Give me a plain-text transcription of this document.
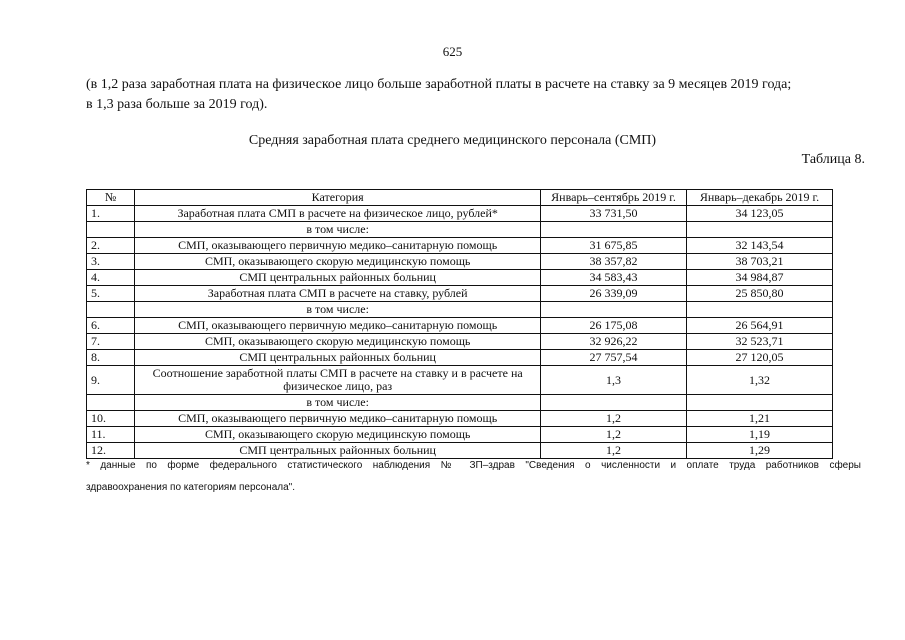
625
(в 1,2 раза заработная плата на физическое лицо больше заработной платы в расчете на ставку за 9 месяцев 2019 года;
в 1,3 раза больше за 2019 год).
Средняя заработная плата среднего медицинского персонала (СМП)
Таблица 8.
№	Категория	Январь–сентябрь 2019 г.	Январь–декабрь 2019 г.
1.	Заработная плата СМП в расчете на физическое лицо, рублей*	33 731,50	34 123,05
	в том числе:		
2.	СМП, оказывающего первичную медико–санитарную помощь	31 675,85	32 143,54
3.	СМП, оказывающего скорую медицинскую помощь	38 357,82	38 703,21
4.	СМП центральных районных больниц	34 583,43	34 984,87
5.	Заработная плата СМП в расчете на ставку, рублей	26 339,09	25 850,80
	в том числе:		
6.	СМП, оказывающего первичную медико–санитарную помощь	26 175,08	26 564,91
7.	СМП, оказывающего скорую медицинскую помощь	32 926,22	32 523,71
8.	СМП центральных районных больниц	27 757,54	27 120,05
9.	Соотношение заработной платы СМП в расчете на ставку и в расчете на физическое лицо, раз	1,3	1,32
	в том числе:		
10.	СМП, оказывающего первичную медико–санитарную помощь	1,2	1,21
11.	СМП, оказывающего скорую медицинскую помощь	1,2	1,19
12.	СМП центральных районных больниц	1,2	1,29
* данные по форме федерального статистического наблюдения № ЗП–здрав "Сведения о численности и оплате труда работников сферы
здравоохранения по категориям персонала".
